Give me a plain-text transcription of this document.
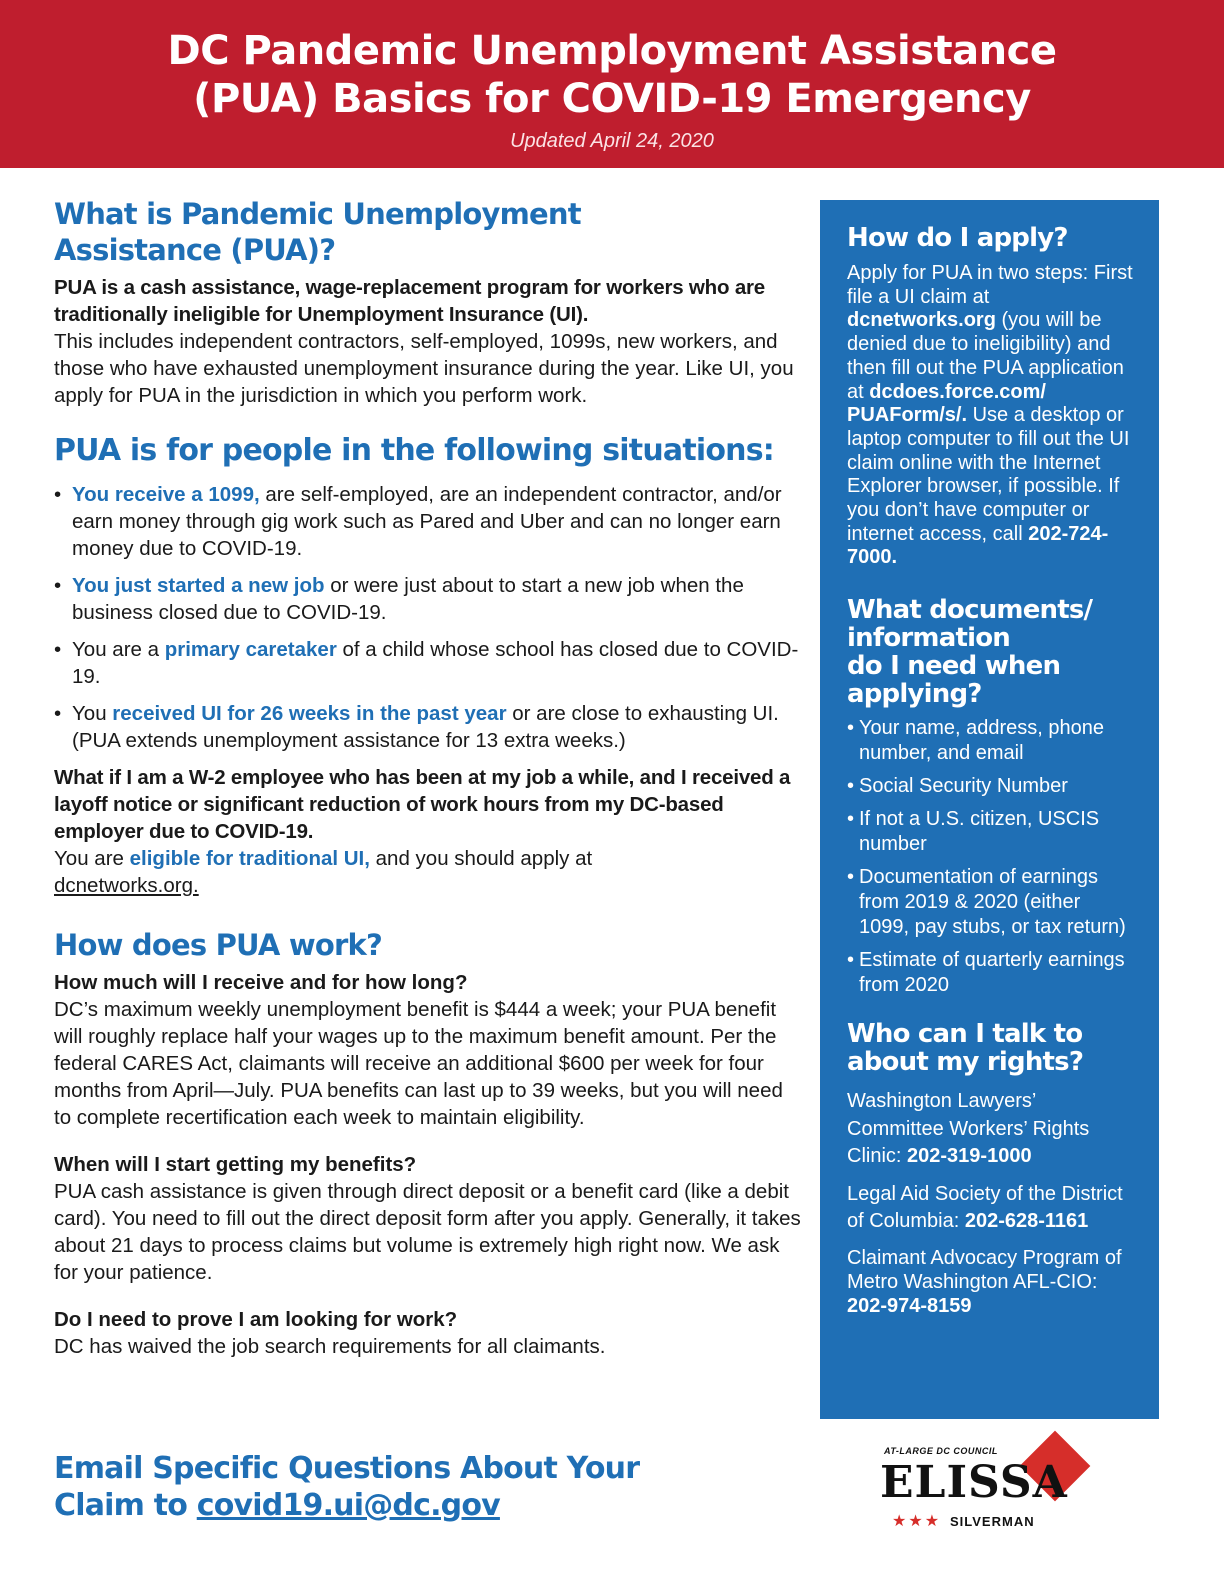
DC Pandemic Unemployment Assistance
(PUA) Basics for COVID-19 Emergency
Updated April 24, 2020
What is Pandemic Unemployment
Assistance (PUA)?

PUA is a cash assistance, wage-replacement program for workers who are traditionally ineligible for Unemployment Insurance (UI).

This includes independent contractors, self-employed, 1099s, new workers, and those who have exhausted unemployment insurance during the year. Like UI, you apply for PUA in the jurisdiction in which you perform work.

PUA is for people in the following situations:
• You receive a 1099, are self-employed, are an independent contractor, and/or earn money through gig work such as Pared and Uber and can no longer earn money due to COVID-19.
• You just started a new job or were just about to start a new job when the business closed due to COVID-19.
• You are a primary caretaker of a child whose school has closed due to COVID-19.
• You received UI for 26 weeks in the past year or are close to exhausting UI. (PUA extends unemployment assistance for 13 extra weeks.)

What if I am a W-2 employee who has been at my job a while, and I received a layoff notice or significant reduction of work hours from my DC-based employer due to COVID-19.

You are eligible for traditional UI, and you should apply at
dcnetworks.org.

How does PUA work?

How much will I receive and for how long?

DC’s maximum weekly unemployment benefit is $444 a week; your PUA benefit will roughly replace half your wages up to the maximum benefit amount. Per the federal CARES Act, claimants will receive an additional $600 per week for four months from April—July. PUA benefits can last up to 39 weeks, but you will need to complete recertification each week to maintain eligibility.

When will I start getting my benefits?

PUA cash assistance is given through direct deposit or a benefit card (like a debit card). You need to fill out the direct deposit form after you apply. Generally, it takes about 21 days to process claims but volume is extremely high right now. We ask for your patience.

Do I need to prove I am looking for work?

DC has waived the job search requirements for all claimants.

Email Specific Questions About Your
Claim to covid19.ui@dc.gov
How do I apply?

Apply for PUA in two steps: First file a UI claim at dcnetworks.org (you will be denied due to ineligibility) and then fill out the PUA application at dcdoes.force.com/ PUAForm/s/. Use a desktop or laptop computer to fill out the UI claim online with the Internet Explorer browser, if possible. If you don’t have computer or internet access, call 202-724-7000.

What documents/
information
do I need when
applying?
• Your name, address, phone number, and email
• Social Security Number
• If not a U.S. citizen, USCIS number
• Documentation of earnings from 2019 & 2020 (either 1099, pay stubs, or tax return)
• Estimate of quarterly earnings from 2020
Who can I talk to
about my rights?

Washington Lawyers’ Committee Workers’ Rights Clinic: 202-319-1000

Legal Aid Society of the District of Columbia: 202-628-1161

Claimant Advocacy Program of Metro Washington AFL-CIO: 202-974-8159

AT-LARGE DC COUNCIL
ELISSA
★★★ SILVERMAN
